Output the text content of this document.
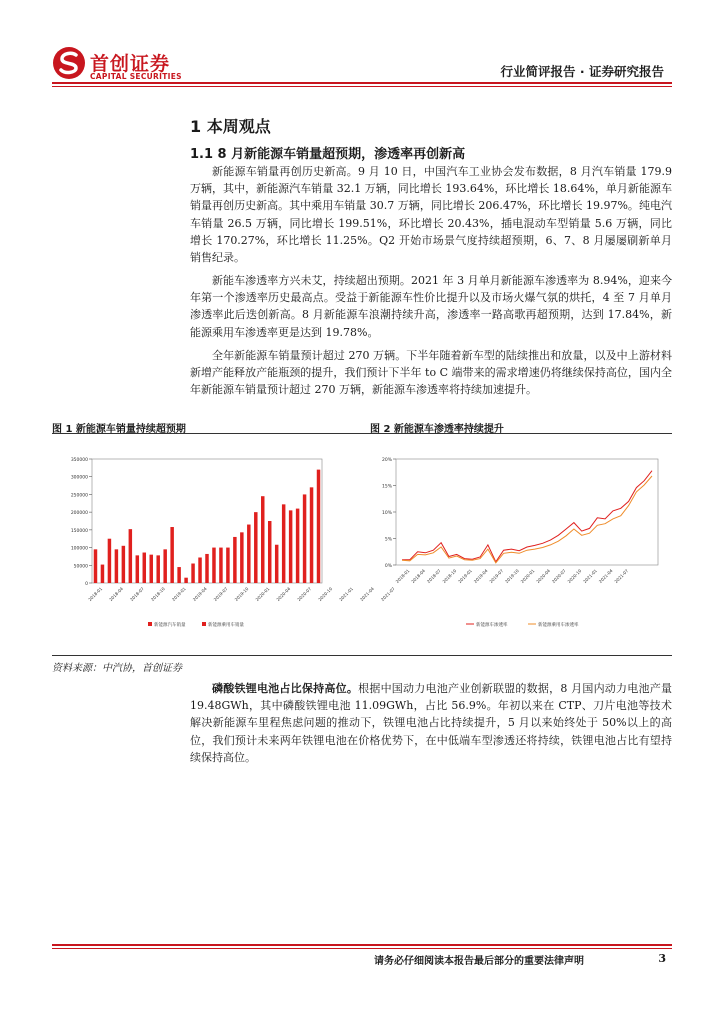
首创证券
CAPITAL SECURITIES	行业简评报告 · 证券研究报告
1 本周观点
1.1 8 月新能源车销量超预期，渗透率再创新高

新能源车销量再创历史新高。9 月 10 日，中国汽车工业协会发布数据，8 月汽车销量 179.9 万辆，其中，新能源汽车销量 32.1 万辆，同比增长 193.64%，环比增长 18.64%，单月新能源车销量再创历史新高。其中乘用车销量 30.7 万辆，同比增长 206.47%，环比增长 19.97%。纯电汽车销量 26.5 万辆，同比增长 199.51%，环比增长 20.43%，插电混动车型销量 5.6 万辆，同比增长 170.27%，环比增长 11.25%。Q2 开始市场景气度持续超预期，6、7、8 月屡屡刷新单月销售纪录。

新能车渗透率方兴未艾，持续超出预期。2021 年 3 月单月新能源车渗透率为 8.94%，迎来今年第一个渗透率历史最高点。受益于新能源车性价比提升以及市场火爆气氛的烘托，4 至 7 月单月渗透率此后迭创新高。8 月新能源车浪潮持续升高，渗透率一路高歌再超预期，达到 17.84%，新能源乘用车渗透率更是达到 19.78%。

全年新能源车销量预计超过 270 万辆。下半年随着新车型的陆续推出和放量，以及中上游材料新增产能释放产能瓶颈的提升，我们预计下半年 to C 端带来的需求增速仍将继续保持高位，国内全年新能源车销量预计超过 270 万辆，新能源车渗透率将持续加速提升。

图 1 新能源车销量持续超预期	图 2 新能源车渗透率持续提升
0
50000
100000
150000
200000
250000
300000
350000
2018-01 2018-04 2018-07 2018-10 2019-01 2019-04 2019-07 2019-10 2020-01 2020-04 2020-07 2020-10 2021-01 2021-04 2021-07
新能源汽车销量	新能源乘用车销量
0%
5%
10%
15%
20%
2018-01 2018-04 2018-07 2018-10 2019-01 2019-04 2019-07 2019-10 2020-01 2020-04 2020-07 2020-10 2021-01 2021-04 2021-07
新能源车渗透率	新能源乘用车渗透率
资料来源：中汽协，首创证券

磷酸铁锂电池占比保持高位。根据中国动力电池产业创新联盟的数据，8 月国内动力电池产量 19.48GWh，其中磷酸铁锂电池 11.09GWh，占比 56.9%。年初以来在 CTP、刀片电池等技术解决新能源车里程焦虑问题的推动下，铁锂电池占比持续提升，5 月以来始终处于 50%以上的高位，我们预计未来两年铁锂电池在价格优势下，在中低端车型渗透还将持续，铁锂电池占比有望持续保持高位。

请务必仔细阅读本报告最后部分的重要法律声明	3
